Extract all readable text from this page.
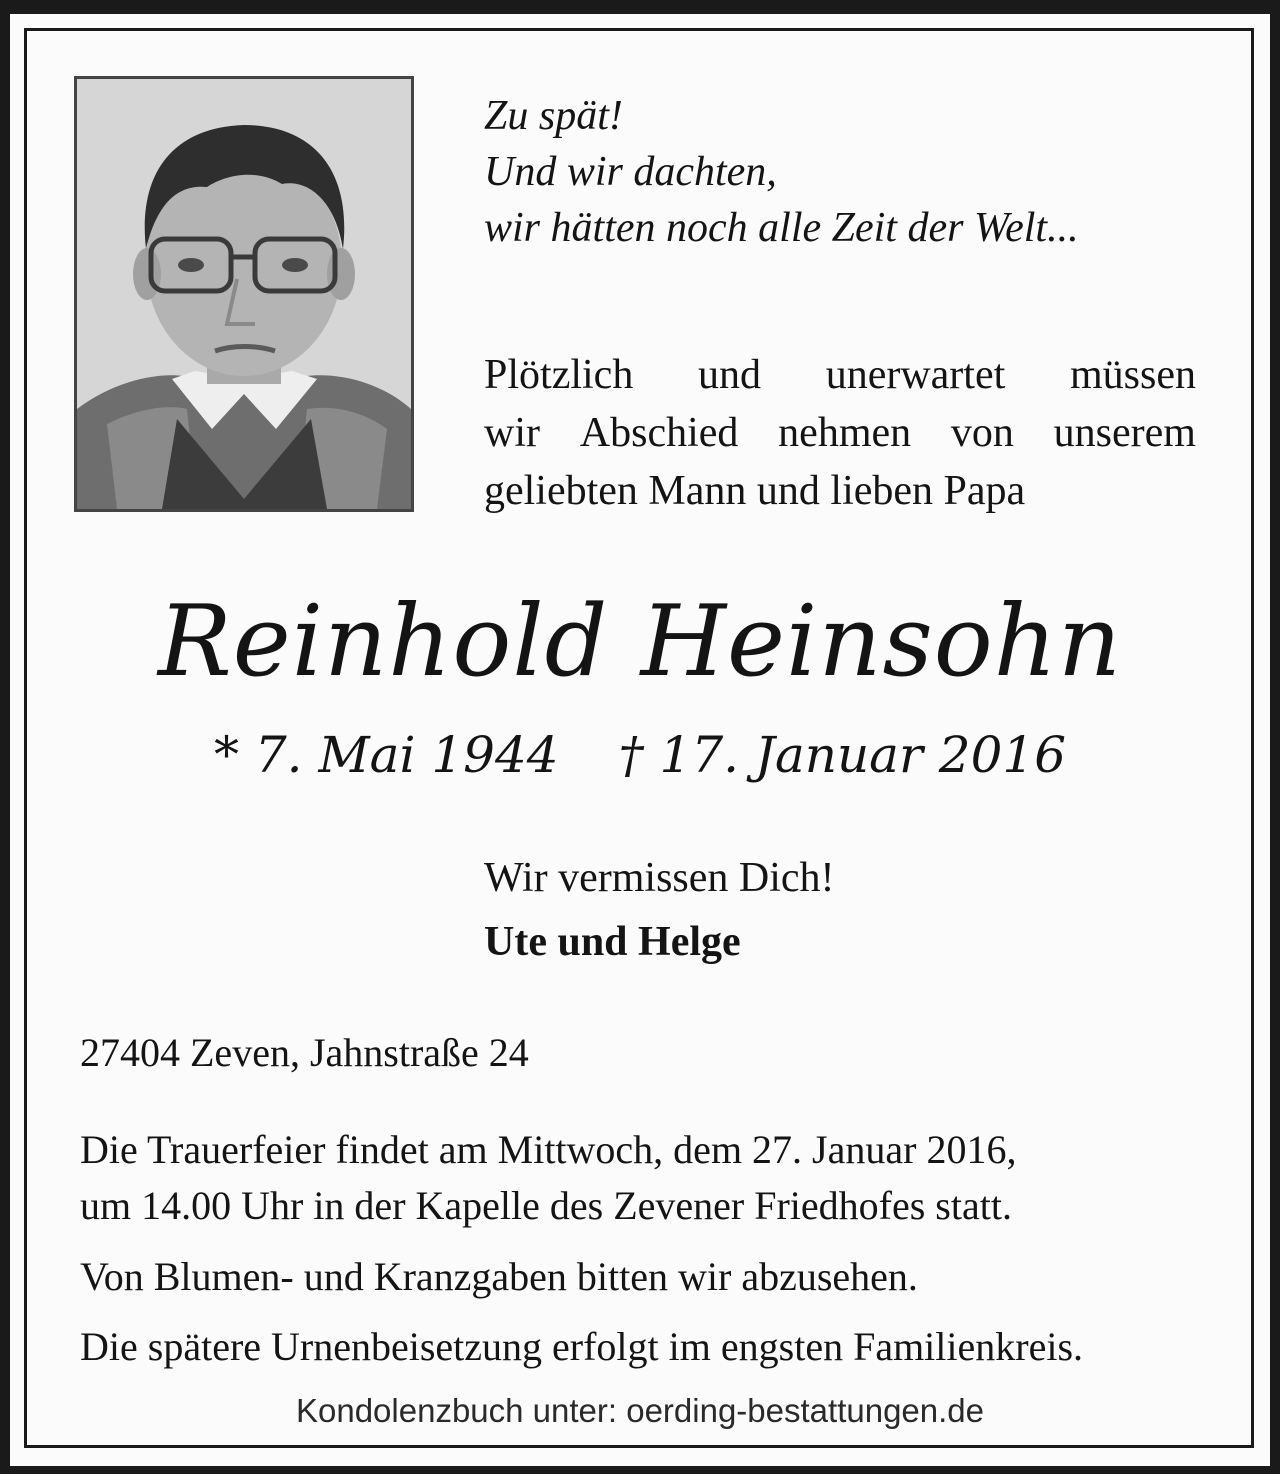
Zu spät!
Und wir dachten,
wir hätten noch alle Zeit der Welt...
Plötzlich und unerwartet müssen
wir Abschied nehmen von unserem
geliebten Mann und lieben Papa
Reinhold Heinsohn
* 7. Mai 1944 † 17. Januar 2016
Wir vermissen Dich!
Ute und Helge
27404 Zeven, Jahnstraße 24
Die Trauerfeier findet am Mittwoch, dem 27. Januar 2016,
um 14.00 Uhr in der Kapelle des Zevener Friedhofes statt.
Von Blumen- und Kranzgaben bitten wir abzusehen.
Die spätere Urnenbeisetzung erfolgt im engsten Familienkreis.
Kondolenzbuch unter: oerding-bestattungen.de
